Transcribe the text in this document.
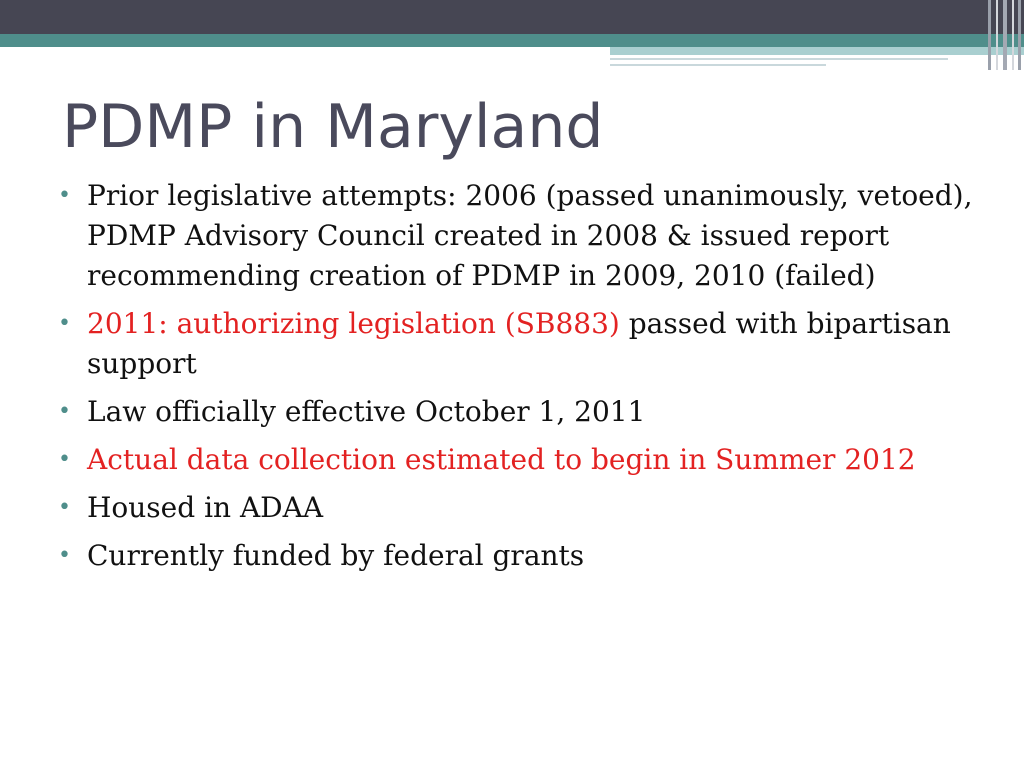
PDMP in Maryland
• Prior legislative attempts: 2006 (passed unanimously, vetoed), PDMP Advisory Council created in 2008 & issued report recommending creation of PDMP in 2009, 2010 (failed)
• 2011: authorizing legislation (SB883) passed with bipartisan support
• Law officially effective October 1, 2011
• Actual data collection estimated to begin in Summer 2012
• Housed in ADAA
• Currently funded by federal grants
